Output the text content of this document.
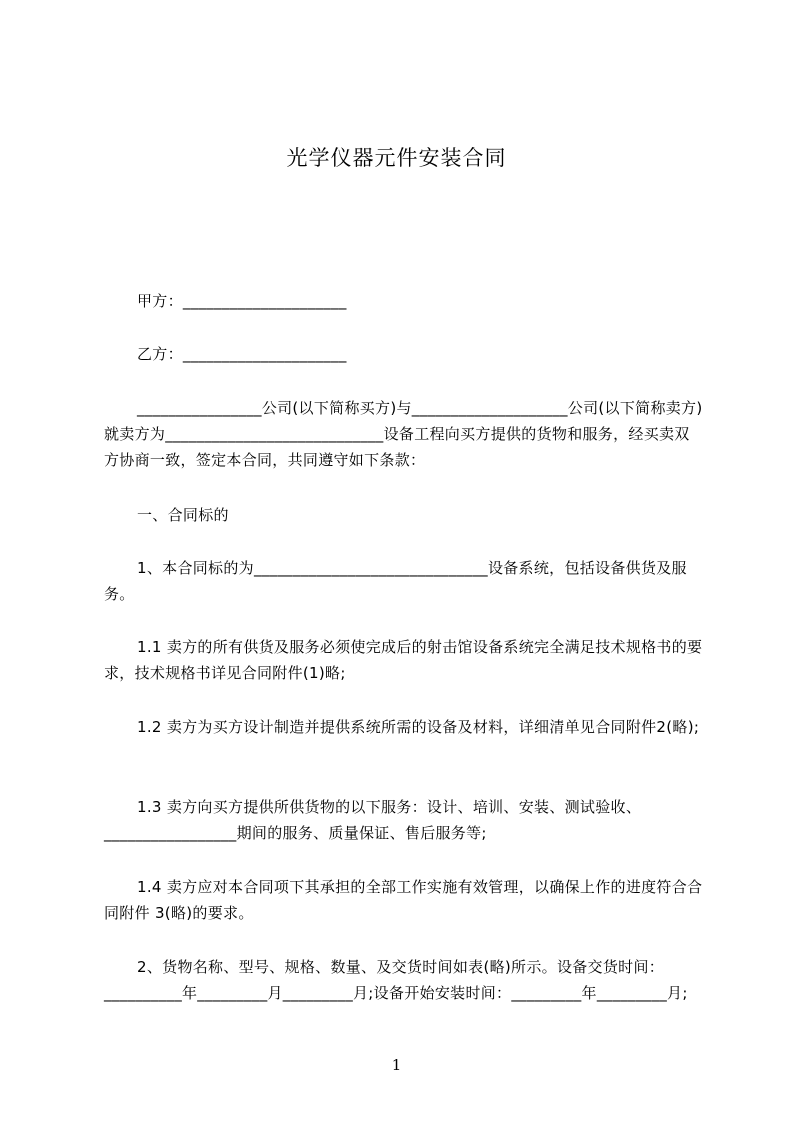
光学仪器元件安装合同
甲方：_____________________
乙方：_____________________
________________公司(以下简称买方)与____________________公司(以下简称卖方)就卖方为____________________________设备工程向买方提供的货物和服务，经买卖双方协商一致，签定本合同，共同遵守如下条款：
一、合同标的
1、本合同标的为______________________________设备系统，包括设备供货及服务。
1.1 卖方的所有供货及服务必须使完成后的射击馆设备系统完全满足技术规格书的要求，技术规格书详见合同附件(1)略;
1.2 卖方为买方设计制造并提供系统所需的设备及材料，详细清单见合同附件2(略);
1.3 卖方向买方提供所供货物的以下服务：设计、培训、安装、测试验收、_________________期间的服务、质量保证、售后服务等;
1.4 卖方应对本合同项下其承担的全部工作实施有效管理，以确保上作的进度符合合同附件 3(略)的要求。
2、货物名称、型号、规格、数量、及交货时间如表(略)所示。设备交货时间：__________年_________月_________月;设备开始安装时间：_________年_________月;
1
